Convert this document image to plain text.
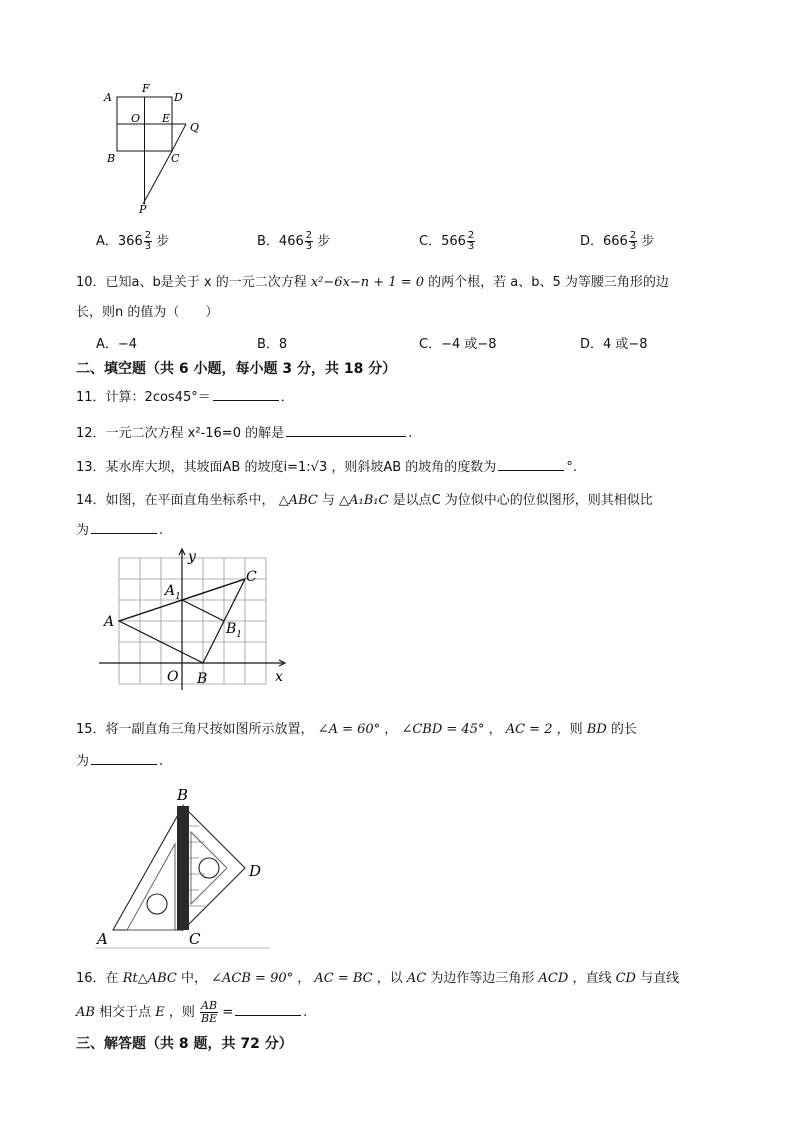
A
F
D
O E
Q
B	C
P
A．$366 \frac{2}{3}$ 步	B．$466 \frac{2}{3}$ 步	C．$566 \frac{2}{3}$	D．$666 \frac{2}{3}$ 步
10．已知a、b是关于 x 的一元二次方程 x²−6x−n + 1 = 0 的两个根，若 a、b、5 为等腰三角形的边
长，则n 的值为（　　）
A．−4	B．8	C．−4 或−8	D．4 或−8
二、填空题（共 6 小题，每小题 3 分，共 18 分）
11．计算：2cos45°＝	．
12．一元二次方程 x²-16=0 的解是	.
13．某水库大坝，其坡面AB 的坡度i=1:√3 ，则斜坡AB 的坡角的度数为	°.
14．如图，在平面直角坐标系中， △ABC 与 △A₁B₁C 是以点C 为位似中心的位似图形，则其相似比
为	.
y
x
O
A
B
C
$A_1$
$B_1$
15．将一副直角三角尺按如图所示放置， ∠A = 60° ， ∠CBD = 45° ， AC = 2 ，则 BD 的长
为	.
B
D
A	C
16．在 Rt△ABC 中， ∠ACB = 90° ， AC = BC ，以 AC 为边作等边三角形 ACD ，直线 CD 与直线
AB 相交于点 E ，则 $\frac{AB}{BE}$ =	.
三、解答题（共 8 题，共 72 分）
